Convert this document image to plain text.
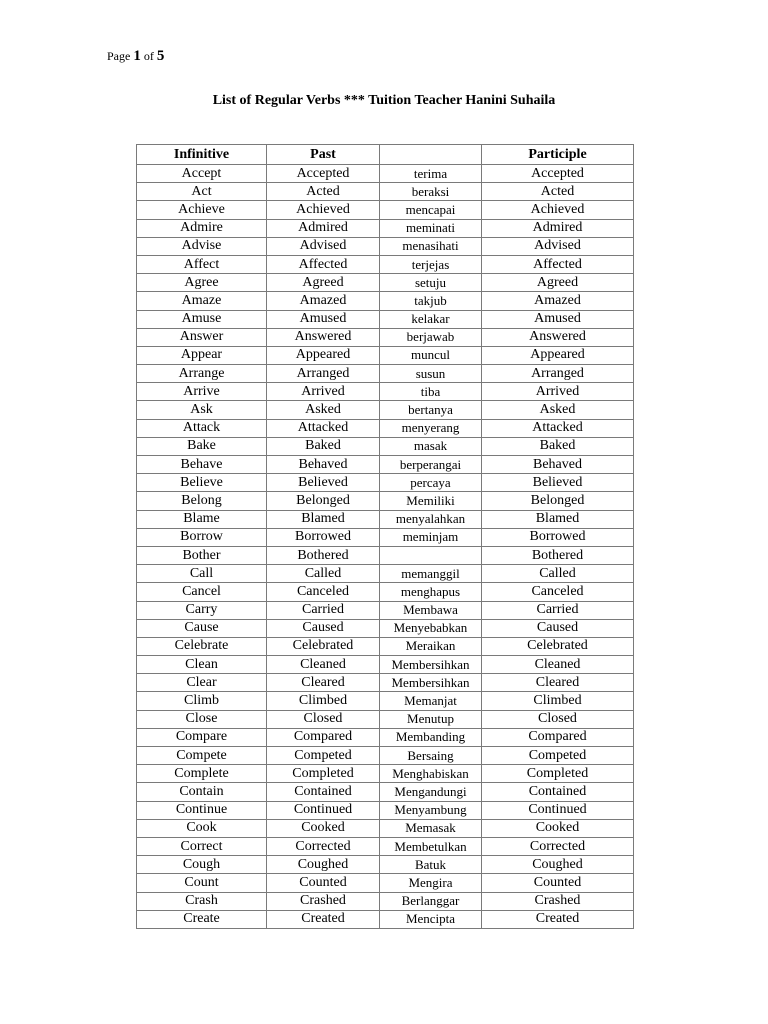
Page 1 of 5
List of Regular Verbs *** Tuition Teacher Hanini Suhaila
Infinitive	Past		Participle
Accept	Accepted	terima	Accepted
Act	Acted	beraksi	Acted
Achieve	Achieved	mencapai	Achieved
Admire	Admired	meminati	Admired
Advise	Advised	menasihati	Advised
Affect	Affected	terjejas	Affected
Agree	Agreed	setuju	Agreed
Amaze	Amazed	takjub	Amazed
Amuse	Amused	kelakar	Amused
Answer	Answered	berjawab	Answered
Appear	Appeared	muncul	Appeared
Arrange	Arranged	susun	Arranged
Arrive	Arrived	tiba	Arrived
Ask	Asked	bertanya	Asked
Attack	Attacked	menyerang	Attacked
Bake	Baked	masak	Baked
Behave	Behaved	berperangai	Behaved
Believe	Believed	percaya	Believed
Belong	Belonged	Memiliki	Belonged
Blame	Blamed	menyalahkan	Blamed
Borrow	Borrowed	meminjam	Borrowed
Bother	Bothered		Bothered
Call	Called	memanggil	Called
Cancel	Canceled	menghapus	Canceled
Carry	Carried	Membawa	Carried
Cause	Caused	Menyebabkan	Caused
Celebrate	Celebrated	Meraikan	Celebrated
Clean	Cleaned	Membersihkan	Cleaned
Clear	Cleared	Membersihkan	Cleared
Climb	Climbed	Memanjat	Climbed
Close	Closed	Menutup	Closed
Compare	Compared	Membanding	Compared
Compete	Competed	Bersaing	Competed
Complete	Completed	Menghabiskan	Completed
Contain	Contained	Mengandungi	Contained
Continue	Continued	Menyambung	Continued
Cook	Cooked	Memasak	Cooked
Correct	Corrected	Membetulkan	Corrected
Cough	Coughed	Batuk	Coughed
Count	Counted	Mengira	Counted
Crash	Crashed	Berlanggar	Crashed
Create	Created	Mencipta	Created
